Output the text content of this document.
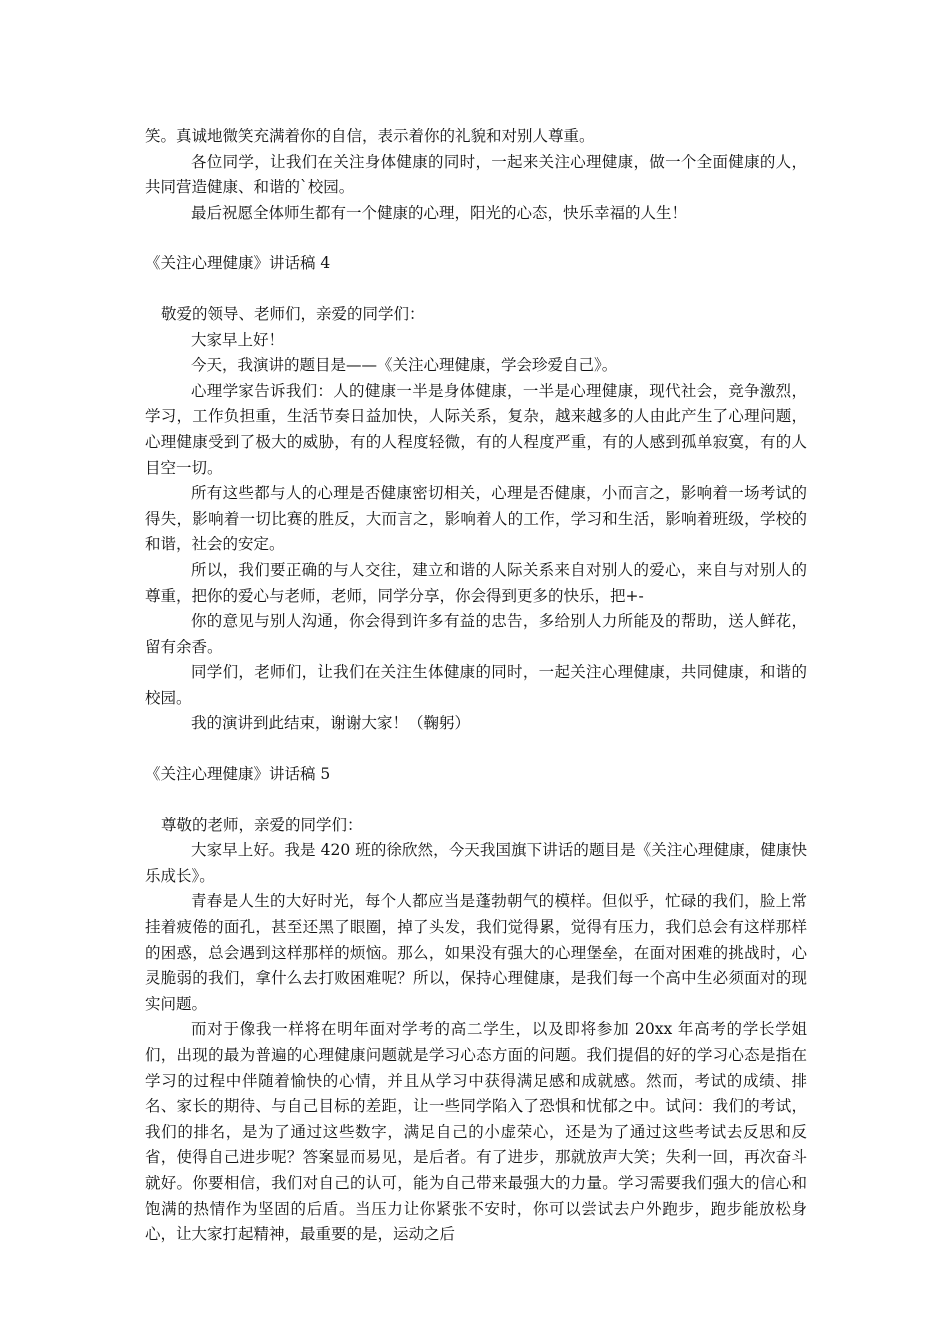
笑。真诚地微笑充满着你的自信，表示着你的礼貌和对别人尊重。

各位同学，让我们在关注身体健康的同时，一起来关注心理健康，做一个全面健康的人，共同营造健康、和谐的`校园。

最后祝愿全体师生都有一个健康的心理，阳光的心态，快乐幸福的人生！

《关注心理健康》讲话稿 4

敬爱的领导、老师们，亲爱的同学们：

大家早上好！

今天，我演讲的题目是——《关注心理健康，学会珍爱自己》。

心理学家告诉我们：人的健康一半是身体健康，一半是心理健康，现代社会，竞争激烈，学习，工作负担重，生活节奏日益加快，人际关系，复杂，越来越多的人由此产生了心理问题，心理健康受到了极大的威胁，有的人程度轻微，有的人程度严重，有的人感到孤单寂寞，有的人目空一切。

所有这些都与人的心理是否健康密切相关，心理是否健康，小而言之，影响着一场考试的得失，影响着一切比赛的胜反，大而言之，影响着人的工作，学习和生活，影响着班级，学校的和谐，社会的安定。

所以，我们要正确的与人交往，建立和谐的人际关系来自对别人的爱心，来自与对别人的尊重，把你的爱心与老师，老师，同学分享，你会得到更多的快乐，把+-

你的意见与别人沟通，你会得到许多有益的忠告，多给别人力所能及的帮助，送人鲜花，留有余香。

同学们，老师们，让我们在关注生体健康的同时，一起关注心理健康，共同健康，和谐的校园。

我的演讲到此结束，谢谢大家！（鞠躬）

《关注心理健康》讲话稿 5

尊敬的老师，亲爱的同学们：

大家早上好。我是 420 班的徐欣然，今天我国旗下讲话的题目是《关注心理健康，健康快乐成长》。

青春是人生的大好时光，每个人都应当是蓬勃朝气的模样。但似乎，忙碌的我们，脸上常挂着疲倦的面孔，甚至还黑了眼圈，掉了头发，我们觉得累，觉得有压力，我们总会有这样那样的困惑，总会遇到这样那样的烦恼。那么，如果没有强大的心理堡垒，在面对困难的挑战时，心灵脆弱的我们，拿什么去打败困难呢？所以，保持心理健康，是我们每一个高中生必须面对的现实问题。

而对于像我一样将在明年面对学考的高二学生，以及即将参加 20xx 年高考的学长学姐们，出现的最为普遍的心理健康问题就是学习心态方面的问题。我们提倡的好的学习心态是指在学习的过程中伴随着愉快的心情，并且从学习中获得满足感和成就感。然而，考试的成绩、排名、家长的期待、与自己目标的差距，让一些同学陷入了恐惧和忧郁之中。试问：我们的考试，我们的排名，是为了通过这些数字，满足自己的小虚荣心，还是为了通过这些考试去反思和反省，使得自己进步呢？答案显而易见，是后者。有了进步，那就放声大笑；失利一回，再次奋斗就好。你要相信，我们对自己的认可，能为自己带来最强大的力量。学习需要我们强大的信心和饱满的热情作为坚固的后盾。当压力让你紧张不安时，你可以尝试去户外跑步，跑步能放松身心，让大家打起精神，最重要的是，运动之后
